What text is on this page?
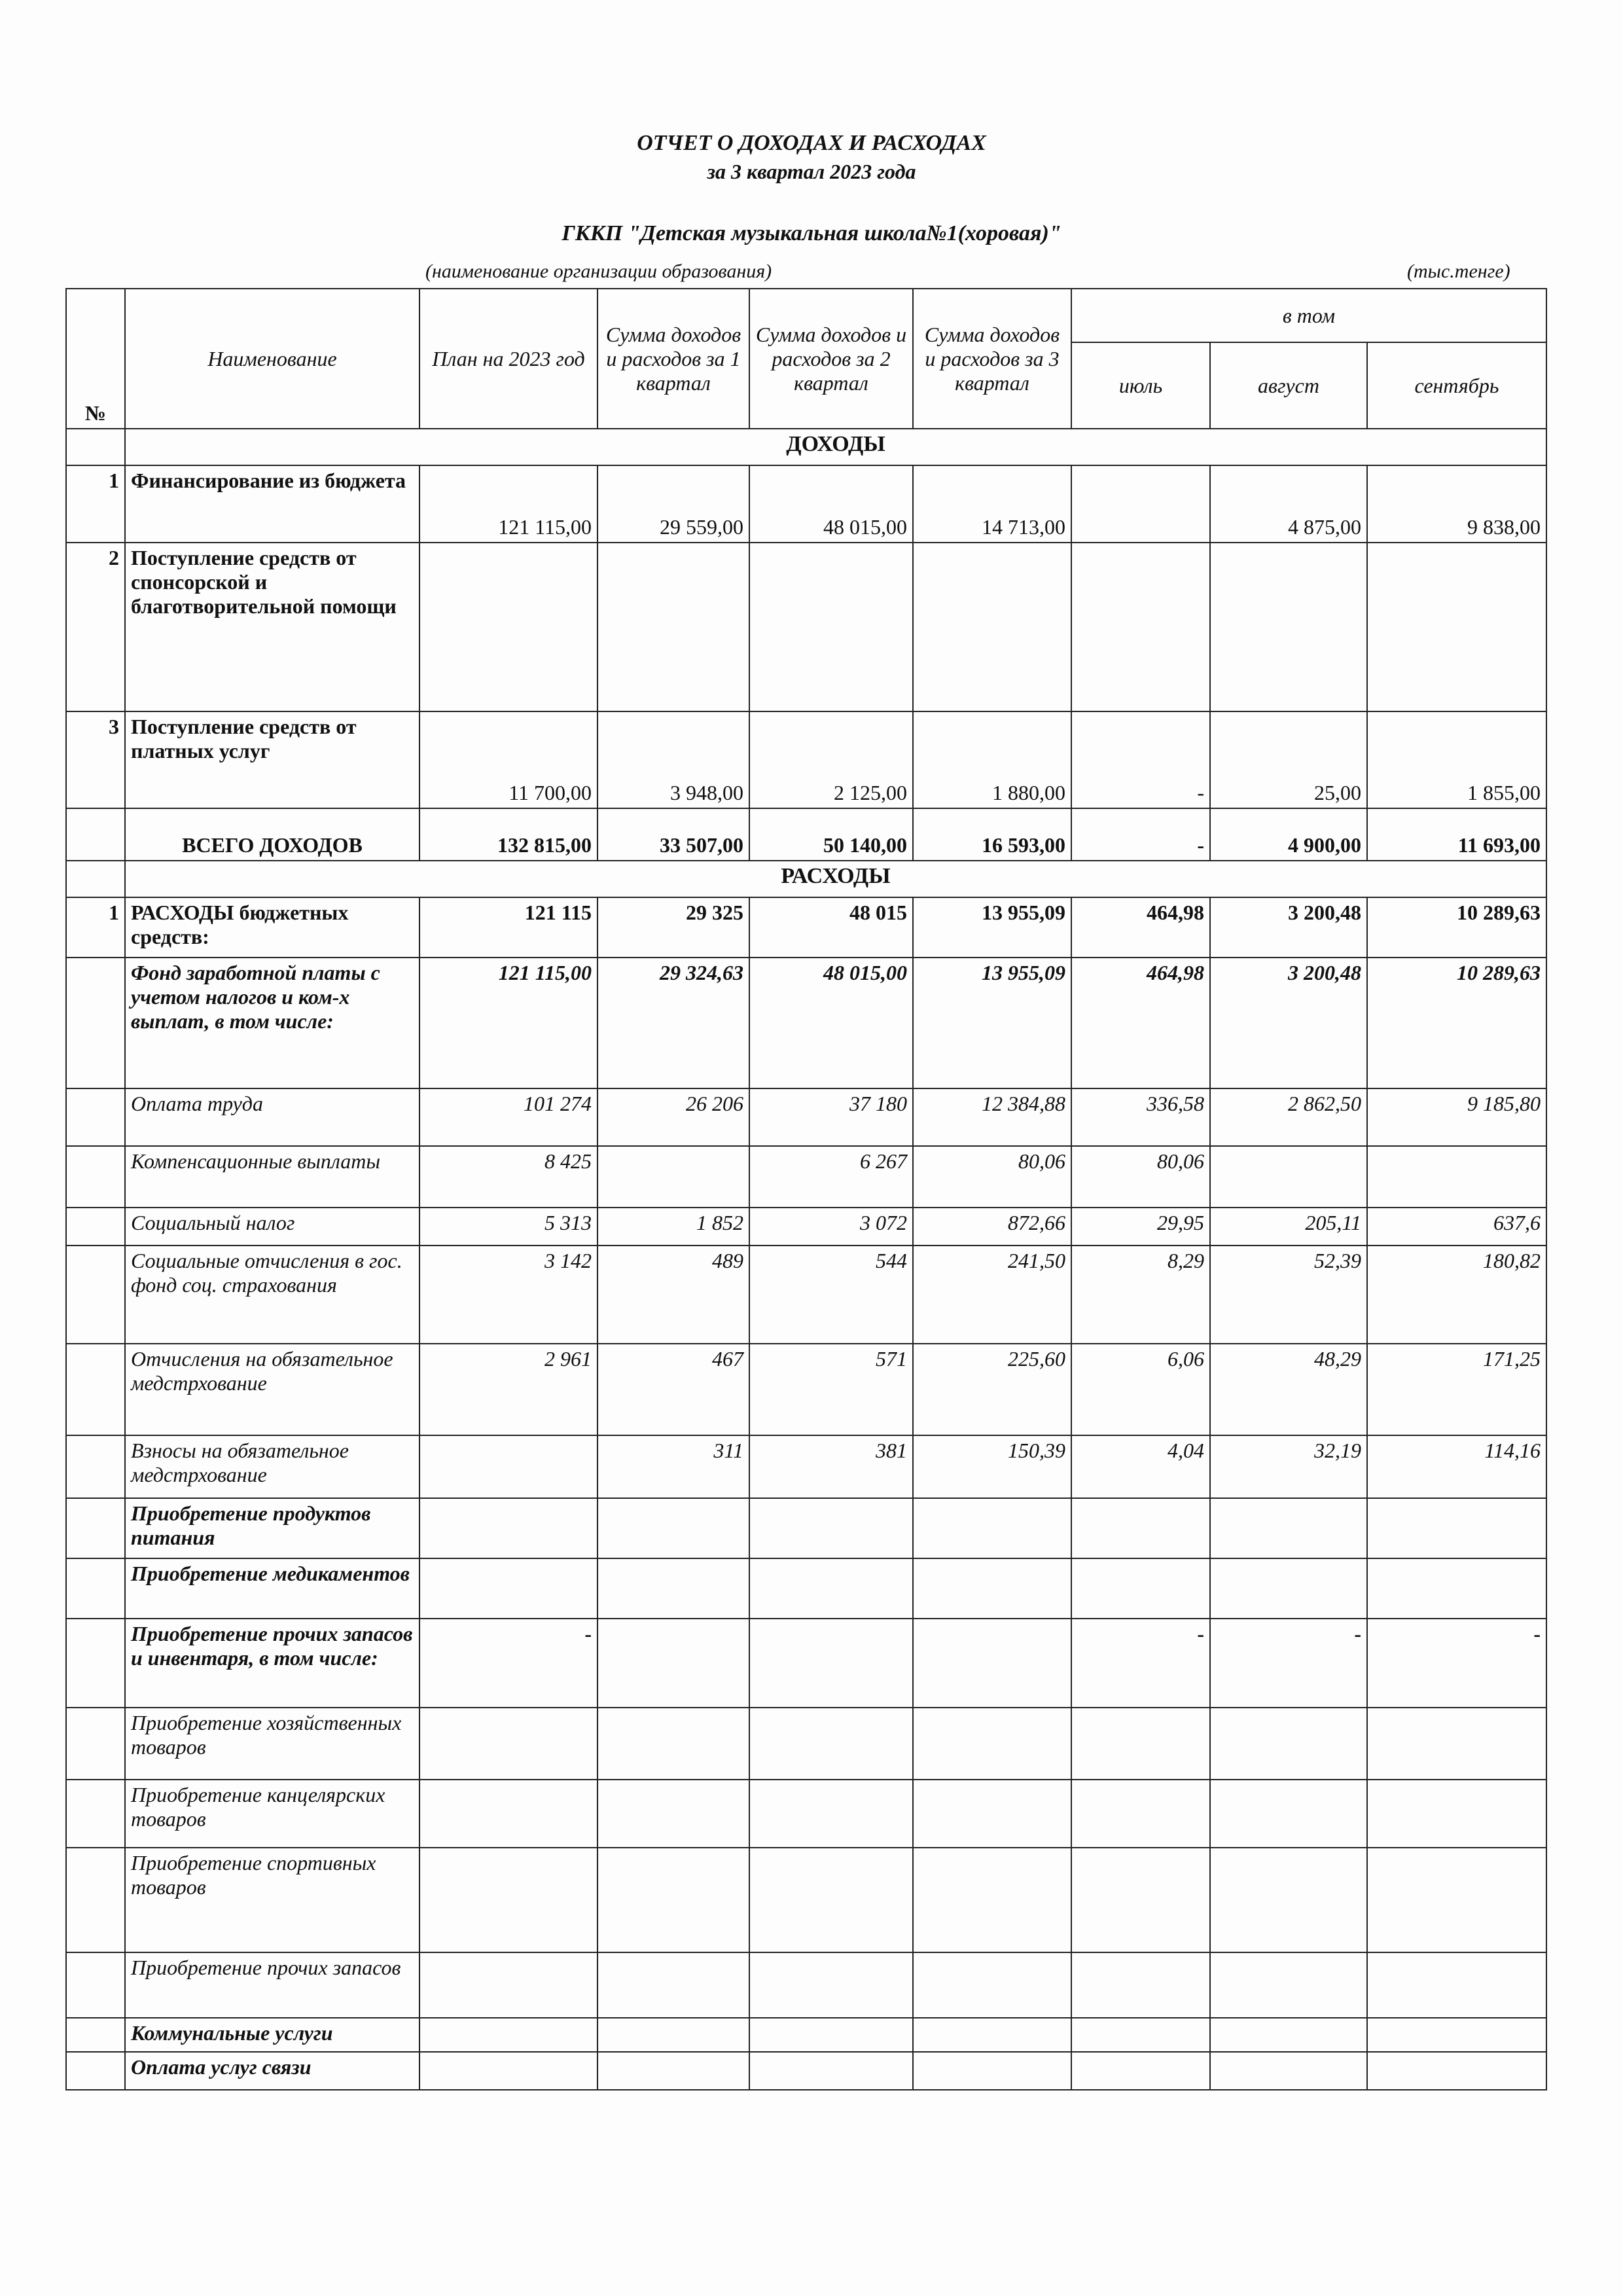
ОТЧЕТ О ДОХОДАХ И РАСХОДАХ
за 3 квартал 2023 года
ГККП "Детская музыкальная школа№1(хоровая)"
(наименование организации образования)	(тыс.тенге)
№	Наименование	План на 2023 год	Сумма доходов и расходов за 1 квартал	Сумма доходов и расходов за 2 квартал	Сумма доходов и расходов за 3 квартал	в том		
						июль	август	сентябрь
	ДОХОДЫ							
1	Финансирование из бюджета	121 115,00	29 559,00	48 015,00	14 713,00		4 875,00	9 838,00
2	Поступление средств от спонсорской и благотворительной помощи							
3	Поступление средств от платных услуг	11 700,00	3 948,00	2 125,00	1 880,00	-	25,00	1 855,00
	ВСЕГО ДОХОДОВ	132 815,00	33 507,00	50 140,00	16 593,00	-	4 900,00	11 693,00
	РАСХОДЫ							
1	РАСХОДЫ бюджетных средств:	121 115	29 325	48 015	13 955,09	464,98	3 200,48	10 289,63
	Фонд заработной платы с учетом налогов и ком-х выплат, в том числе:	121 115,00	29 324,63	48 015,00	13 955,09	464,98	3 200,48	10 289,63
	Оплата труда	101 274	26 206	37 180	12 384,88	336,58	2 862,50	9 185,80
	Компенсационные выплаты	8 425		6 267	80,06	80,06		
	Социальный налог	5 313	1 852	3 072	872,66	29,95	205,11	637,6
	Социальные отчисления в гос. фонд соц. страхования	3 142	489	544	241,50	8,29	52,39	180,82
	Отчисления на обязательное медстрхование	2 961	467	571	225,60	6,06	48,29	171,25
	Взносы на обязательное медстрхование		311	381	150,39	4,04	32,19	114,16
	Приобретение продуктов питания							
	Приобретение медикаментов							
	Приобретение прочих запасов и инвентаря, в том числе:	-				-	-	-
	Приобретение хозяйственных товаров							
	Приобретение канцелярских товаров							
	Приобретение спортивных товаров							
	Приобретение прочих запасов							
	Коммунальные услуги							
	Оплата услуг связи							
